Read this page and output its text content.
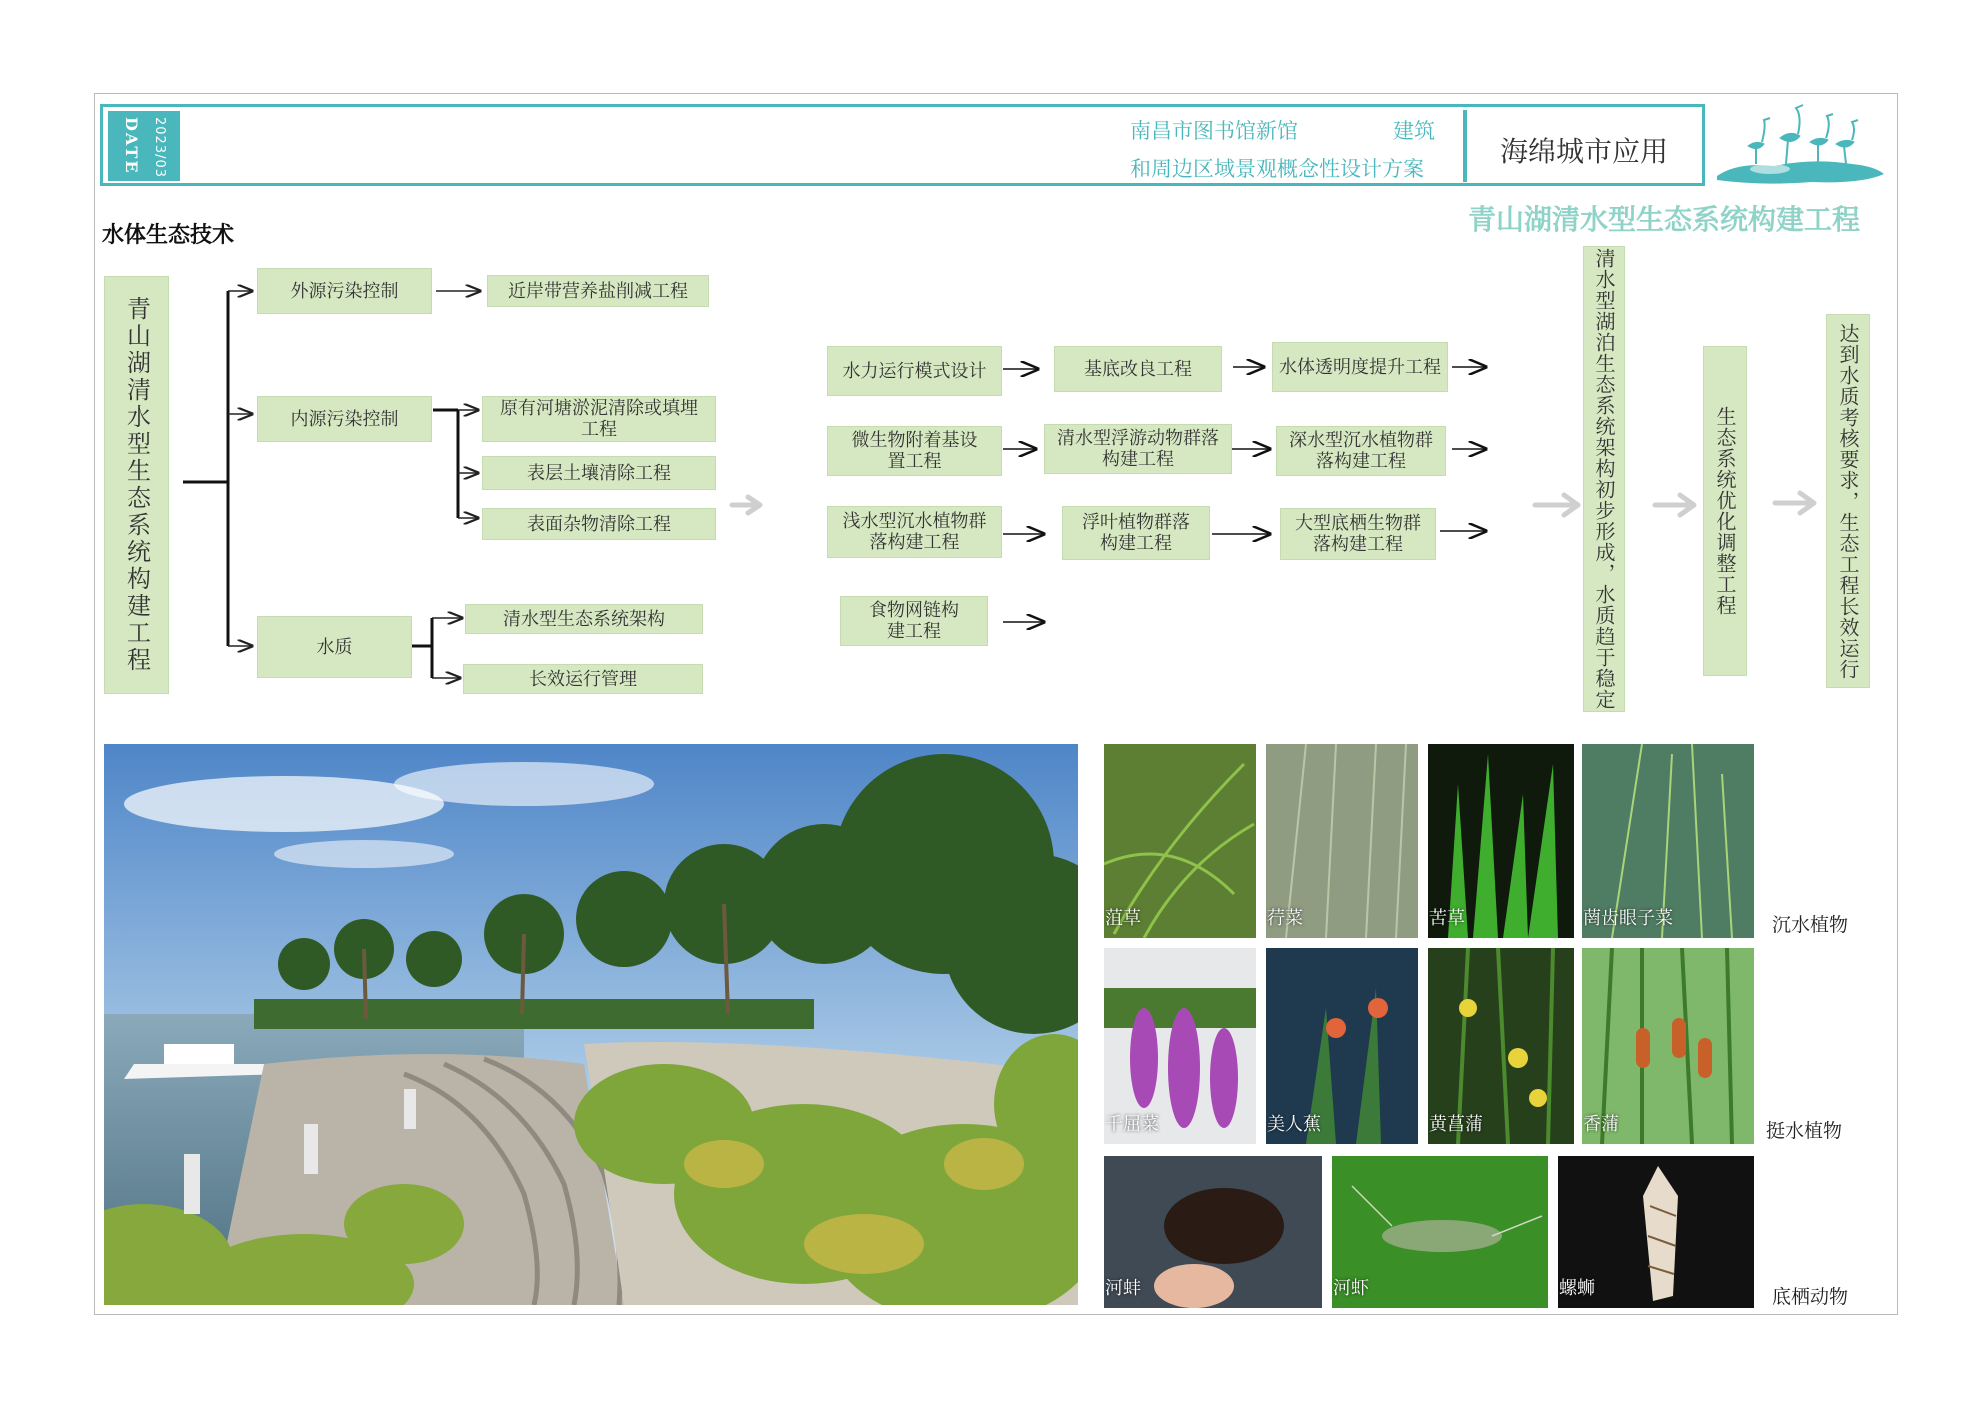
2023/03
DATE	南昌市图书馆新馆	建筑
和周边区域景观概念性设计方案
海绵城市应用
青山湖清水型生态系统构建工程
水体生态技术
青山湖清水型生态系统构建工程
外源污染控制
内源污染控制
水质
近岸带营养盐削减工程
原有河塘淤泥清除或填埋工程
表层土壤清除工程
表面杂物清除工程
清水型生态系统架构
长效运行管理
水力运行模式设计	基底改良工程	水体透明度提升工程
微生物附着基设置工程
清水型浮游动物群落构建工程
深水型沉水植物群落构建工程
浅水型沉水植物群落构建工程
浮叶植物群落构建工程
大型底栖生物群落构建工程
食物网链构建工程	清水型湖泊生态系统架构初步形成，水质趋于稳定	生态系统优化调整工程	达到水质考核要求，生态工程长效运行
菹草	荇菜	苦草	菵齿眼子菜	沉水植物
千屈菜	美人蕉	黄菖蒲	香蒲	挺水植物
河蚌	河虾	螺蛳	底栖动物
